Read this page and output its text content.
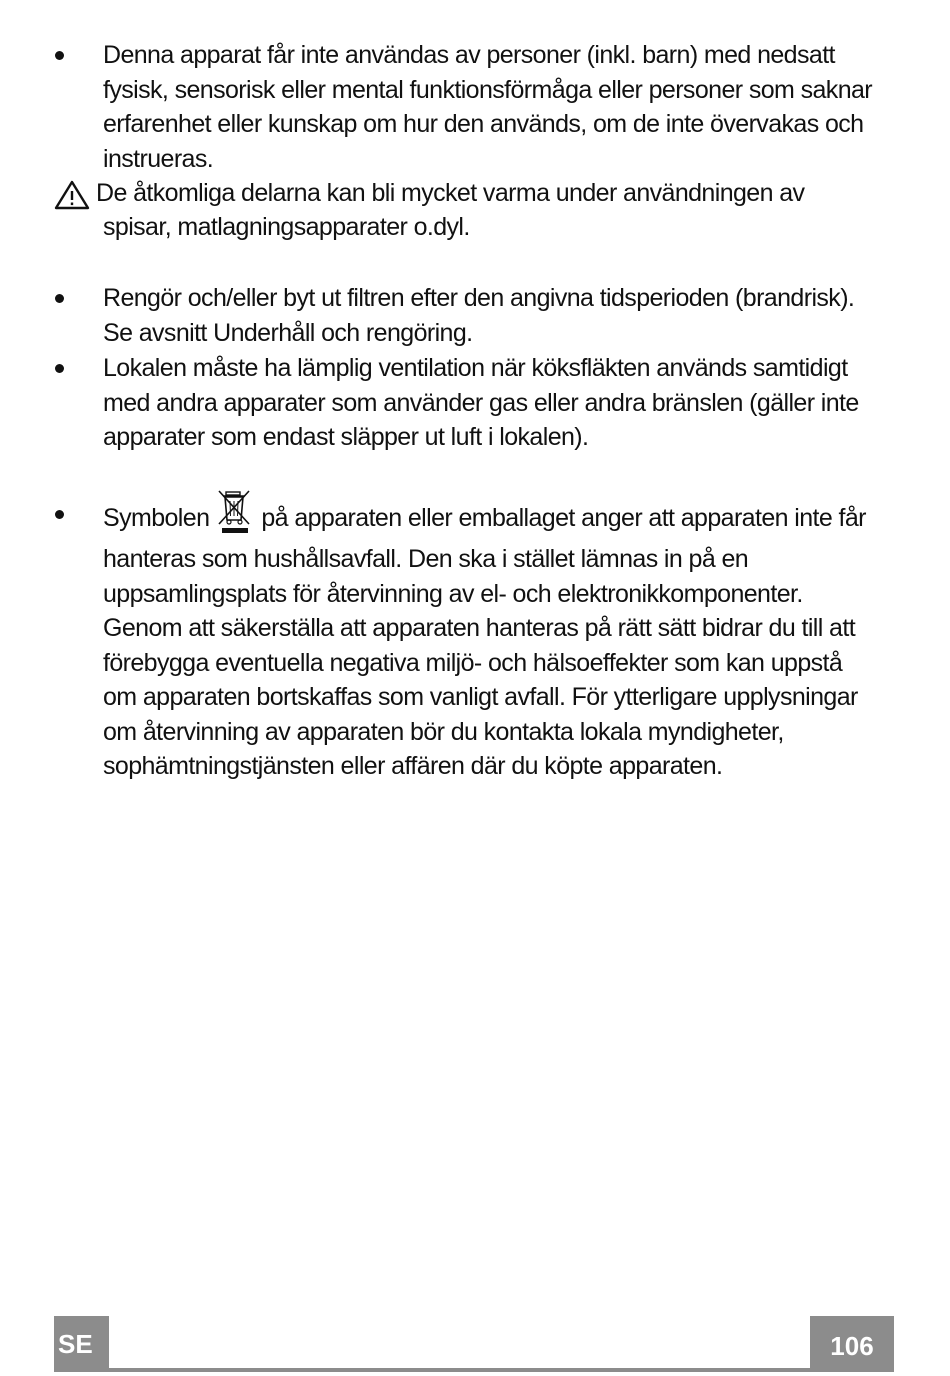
Denna apparat får inte användas av personer (inkl. barn) med nedsatt
fysisk, sensorisk eller mental funktionsförmåga eller personer som saknar
erfarenhet eller kunskap om hur den används, om de inte övervakas och
instrueras.
De åtkomliga delarna kan bli mycket varma under användningen av
spisar, matlagningsapparater o.dyl.
Rengör och/eller byt ut filtren efter den angivna tidsperioden (brandrisk).
Se avsnitt Underhåll och rengöring.
Lokalen måste ha lämplig ventilation när köksfläkten används samtidigt
med andra apparater som använder gas eller andra bränslen (gäller inte
apparater som endast släpper ut luft i lokalen).
Symbolen på apparaten eller emballaget anger att apparaten inte får
hanteras som hushållsavfall. Den ska i stället lämnas in på en
uppsamlingsplats för återvinning av el- och elektronikkomponenter.
Genom att säkerställa att apparaten hanteras på rätt sätt bidrar du till att
förebygga eventuella negativa miljö- och hälsoeffekter som kan uppstå
om apparaten bortskaffas som vanligt avfall. För ytterligare upplysningar
om återvinning av apparaten bör du kontakta lokala myndigheter,
sophämtningstjänsten eller affären där du köpte apparaten.
SE	106
